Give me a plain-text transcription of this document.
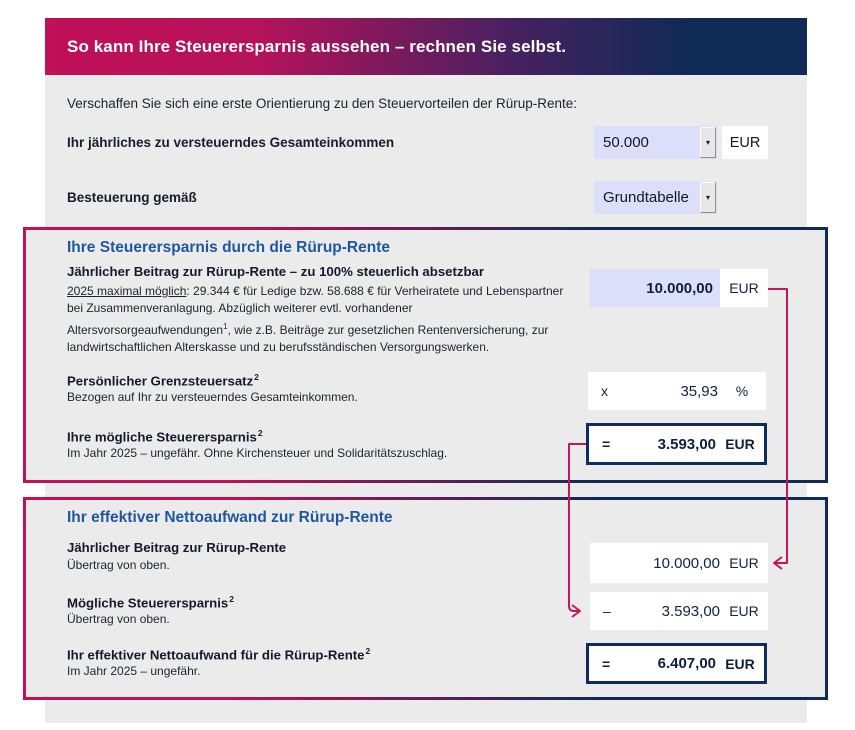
So kann Ihre Steuerersparnis aussehen – rechnen Sie selbst.
Verschaffen Sie sich eine erste Orientierung zu den Steuervorteilen der Rürup-Rente:
Ihr jährliches zu versteuerndes Gesamteinkommen	50.000	▾ EUR
Besteuerung gemäß	Grundtabelle	▾
Ihre Steuerersparnis durch die Rürup-Rente
Jährlicher Beitrag zur Rürup-Rente – zu 100% steuerlich absetzbar
2025 maximal möglich: 29.344 € für Ledige bzw. 58.688 € für Verheiratete und Lebenspartner bei Zusammenveranlagung. Abzüglich weiterer evtl. vorhandener Altersvorsorgeaufwendungen$^1$, wie z.B. Beiträge zur gesetzlichen Rentenversicherung, zur landwirtschaftlichen Alterskasse und zu berufsständischen Versorgungswerken.
10.000,00	EUR
Persönlicher Grenzsteuersatz$^2$
Bezogen auf Ihr zu versteuerndes Gesamteinkommen.	x	35,93	%
Ihre mögliche Steuerersparnis$^2$
Im Jahr 2025 – ungefähr. Ohne Kirchensteuer und Solidaritätszuschlag.
=	3.593,00 EUR
Ihr effektiver Nettoaufwand zur Rürup-Rente
Jährlicher Beitrag zur Rürup-Rente
Übertrag von oben.	10.000,00 EUR
Mögliche Steuerersparnis$^2$
Übertrag von oben.	–	3.593,00 EUR
Ihr effektiver Nettoaufwand für die Rürup-Rente$^2$
Im Jahr 2025 – ungefähr.	=	6.407,00 EUR
